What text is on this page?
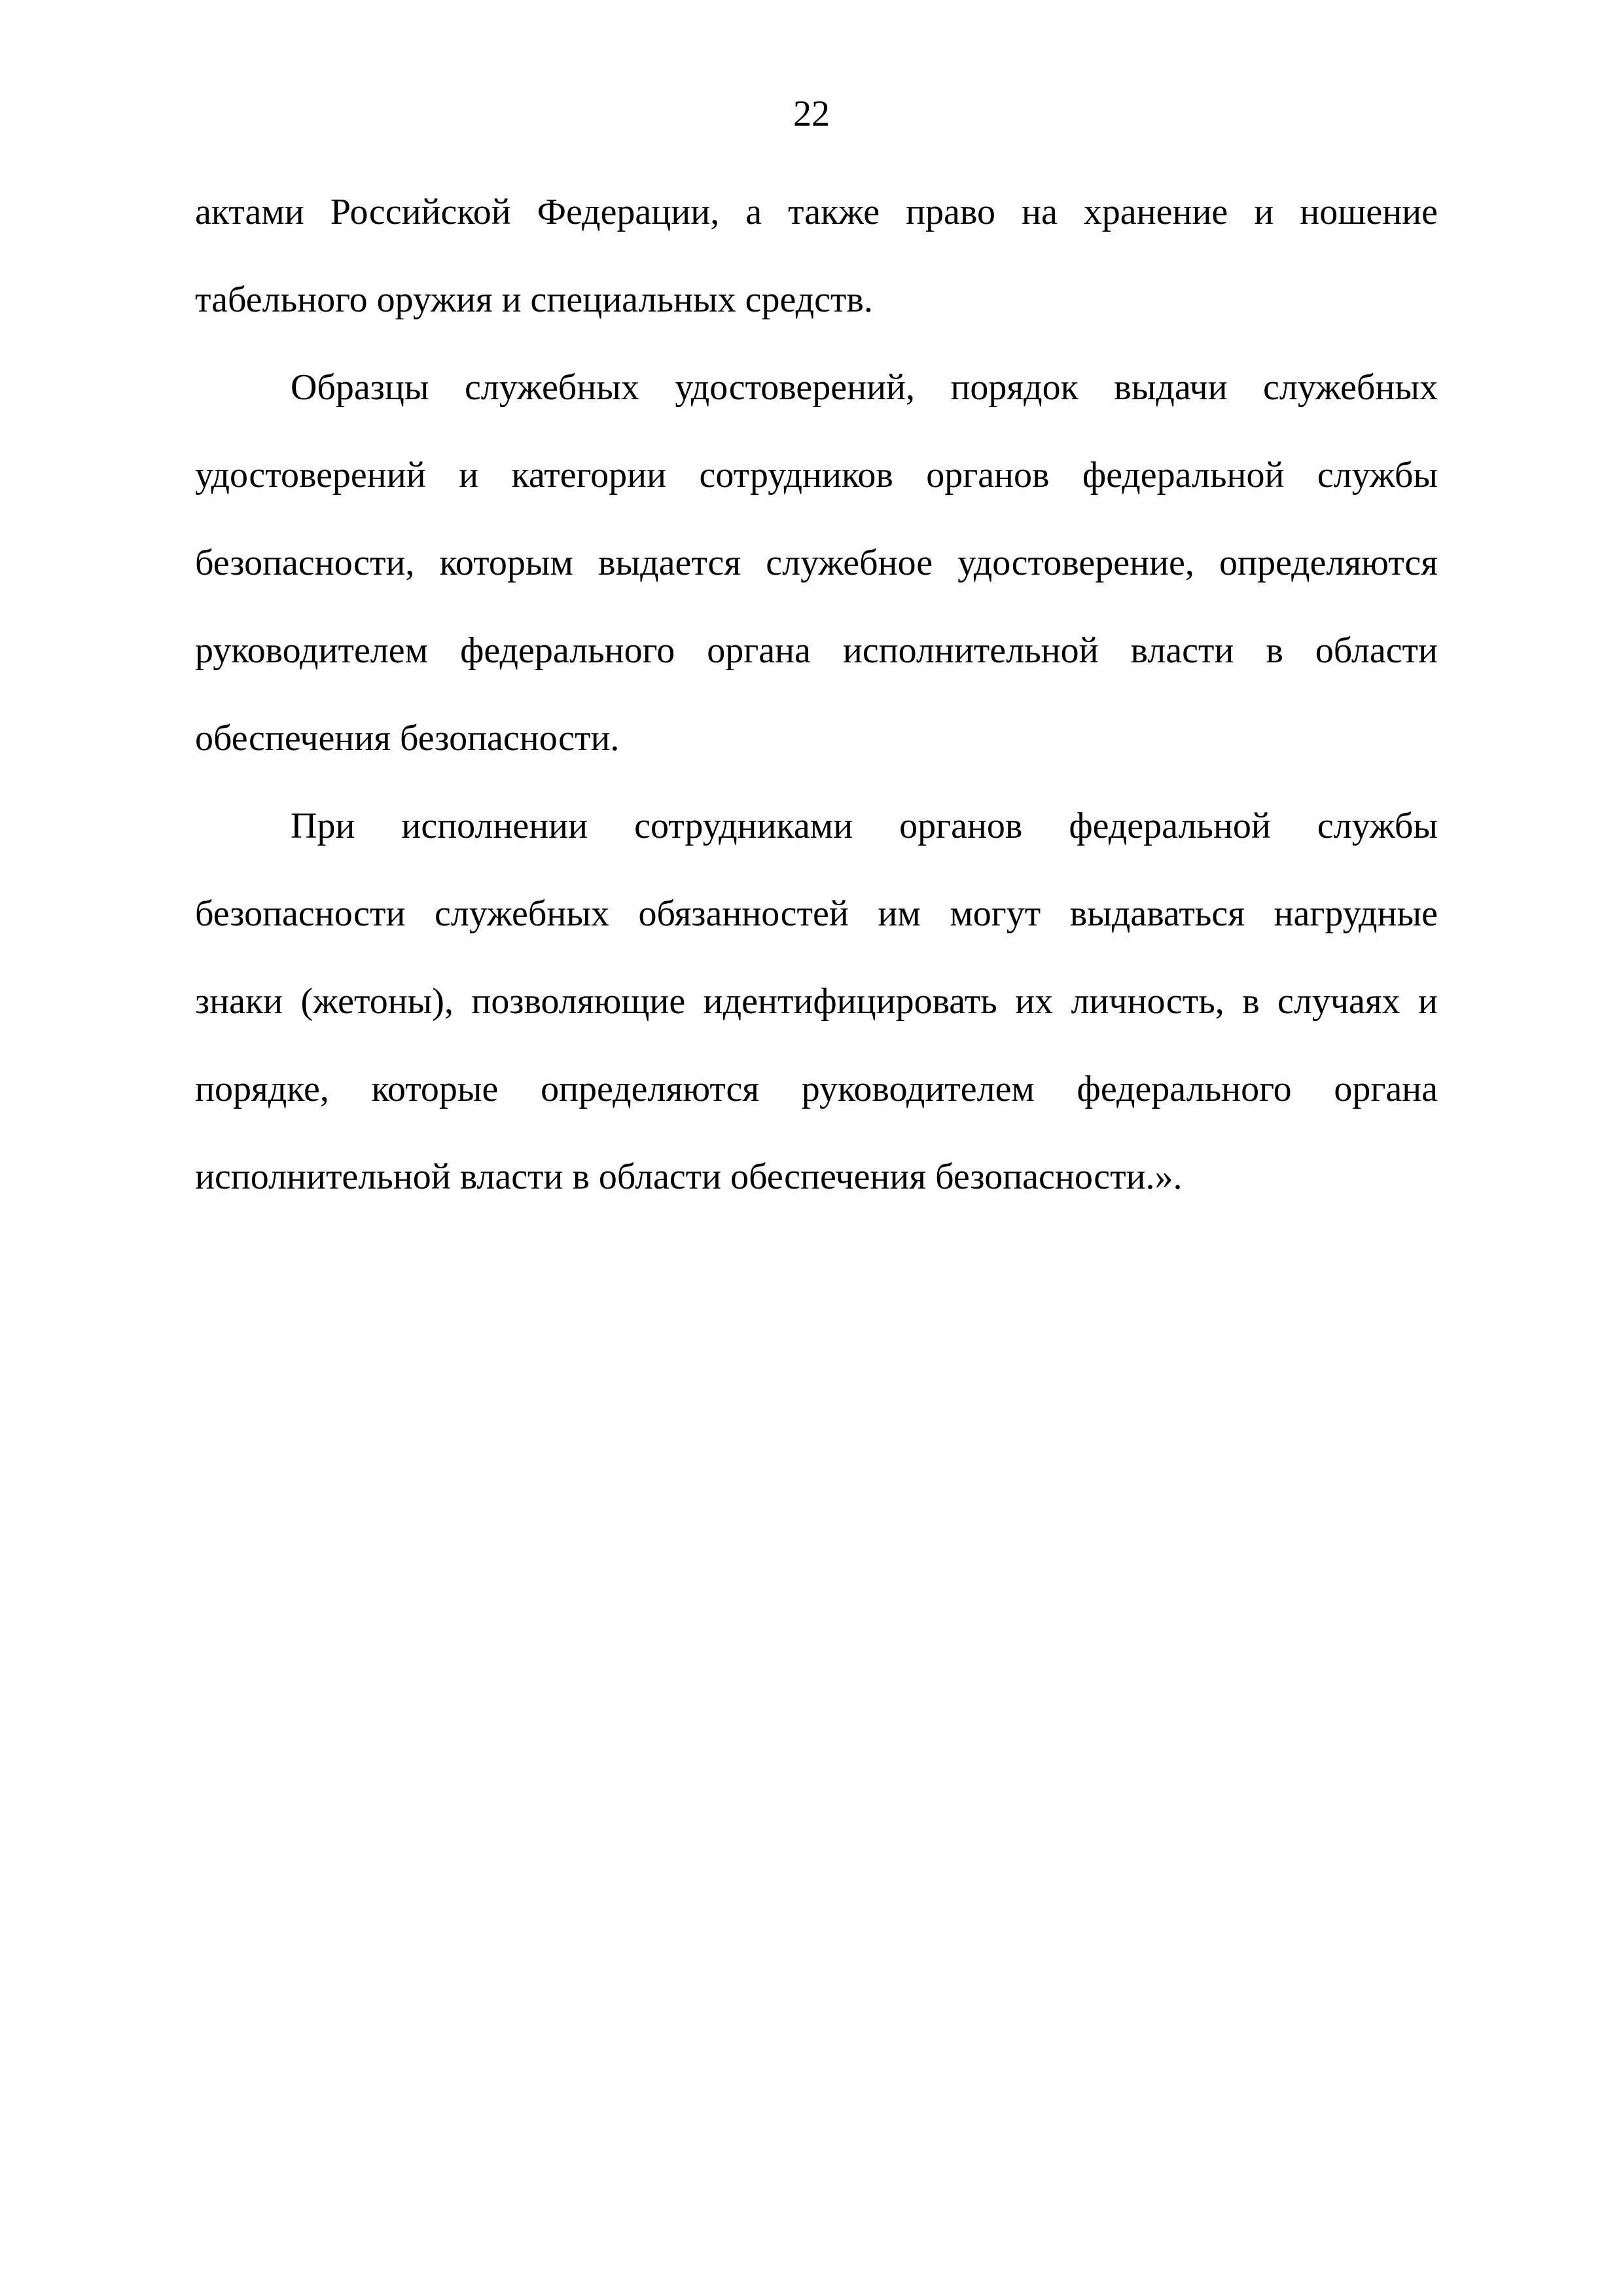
22
актами Российской Федерации, а также право на хранение и ношение
табельного оружия и специальных средств.
Образцы служебных удостоверений, порядок выдачи служебных
удостоверений и категории сотрудников органов федеральной службы
безопасности, которым выдается служебное удостоверение, определяются
руководителем федерального органа исполнительной власти в области
обеспечения безопасности.
При исполнении сотрудниками органов федеральной службы
безопасности служебных обязанностей им могут выдаваться нагрудные
знаки (жетоны), позволяющие идентифицировать их личность, в случаях и
порядке, которые определяются руководителем федерального органа
исполнительной власти в области обеспечения безопасности.».
